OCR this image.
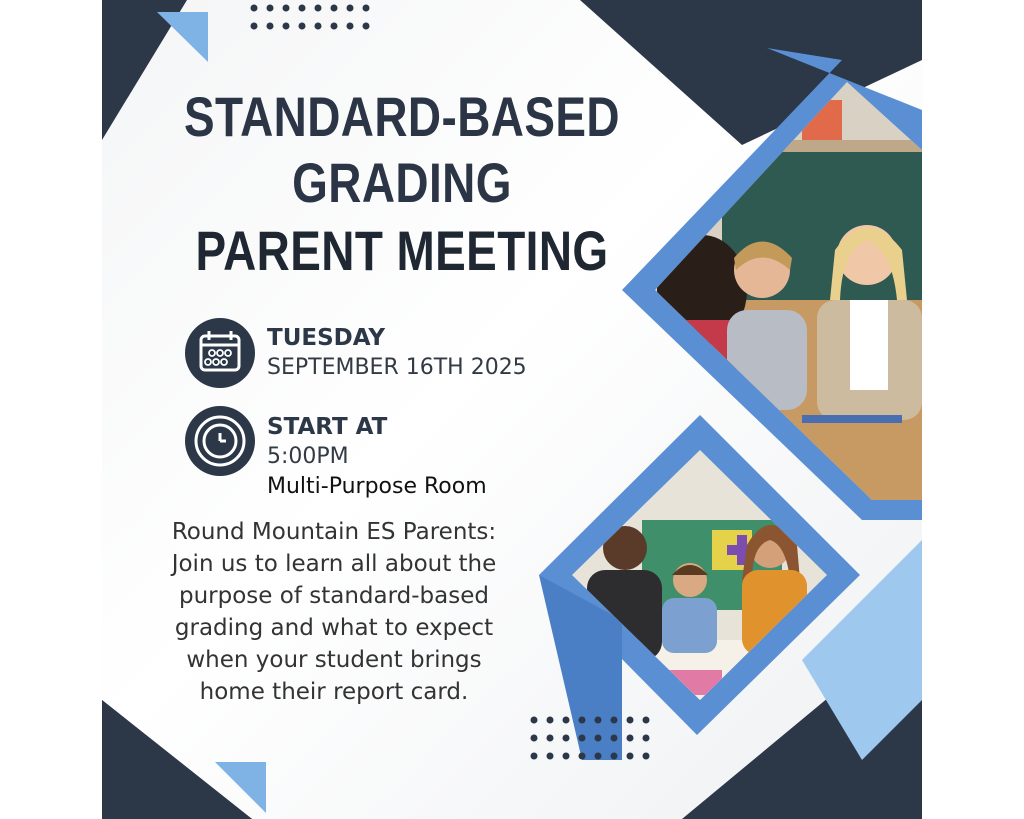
STANDARD-BASED
GRADING
PARENT MEETING
TUESDAY
SEPTEMBER 16TH 2025
START AT
5:00PM
Multi-Purpose Room
Round Mountain ES Parents:
Join us to learn all about the
purpose of standard-based
grading and what to expect
when your student brings
home their report card.
